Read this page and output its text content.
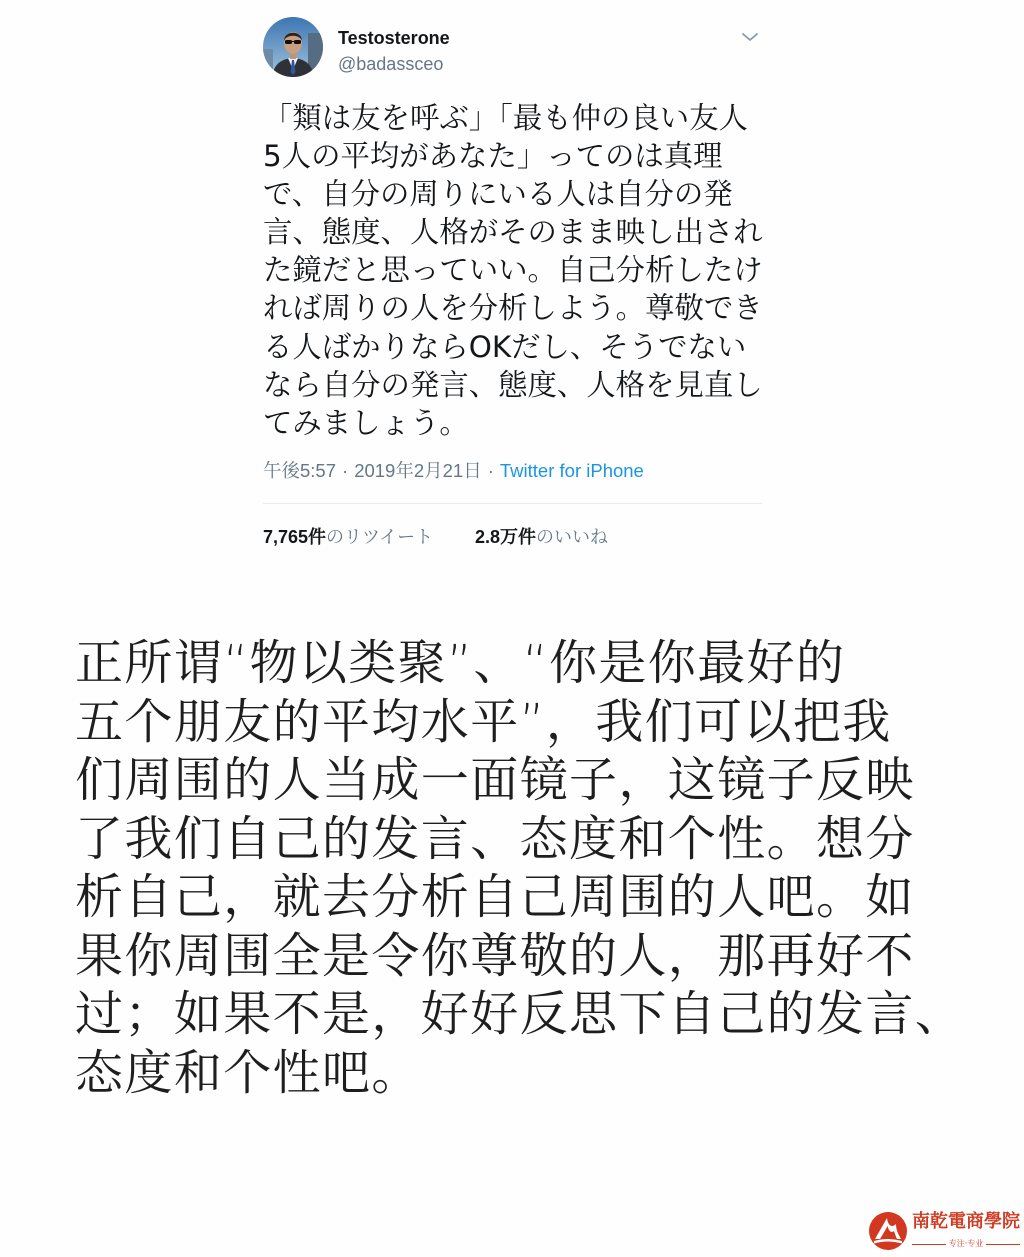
Testosterone
@badassceo
「類は友を呼ぶ」「最も仲の良い友人
5人の平均があなた」ってのは真理
で、自分の周りにいる人は自分の発
言、態度、人格がそのまま映し出され
た鏡だと思っていい。自己分析したけ
れば周りの人を分析しよう。尊敬でき
る人ばかりならOKだし、そうでない
なら自分の発言、態度、人格を見直し
てみましょう。
午後5:57 · 2019年2月21日 · Twitter for iPhone
7,765件のリツイート 2.8万件のいいね
正所谓“物以类聚”、“你是你最好的
五个朋友的平均水平”，我们可以把我
们周围的人当成一面镜子，这镜子反映
了我们自己的发言、态度和个性。想分
析自己，就去分析自己周围的人吧。如
果你周围全是令你尊敬的人，那再好不
过；如果不是，好好反思下自己的发言、
态度和个性吧。
南乾電商學院
专注·专业
